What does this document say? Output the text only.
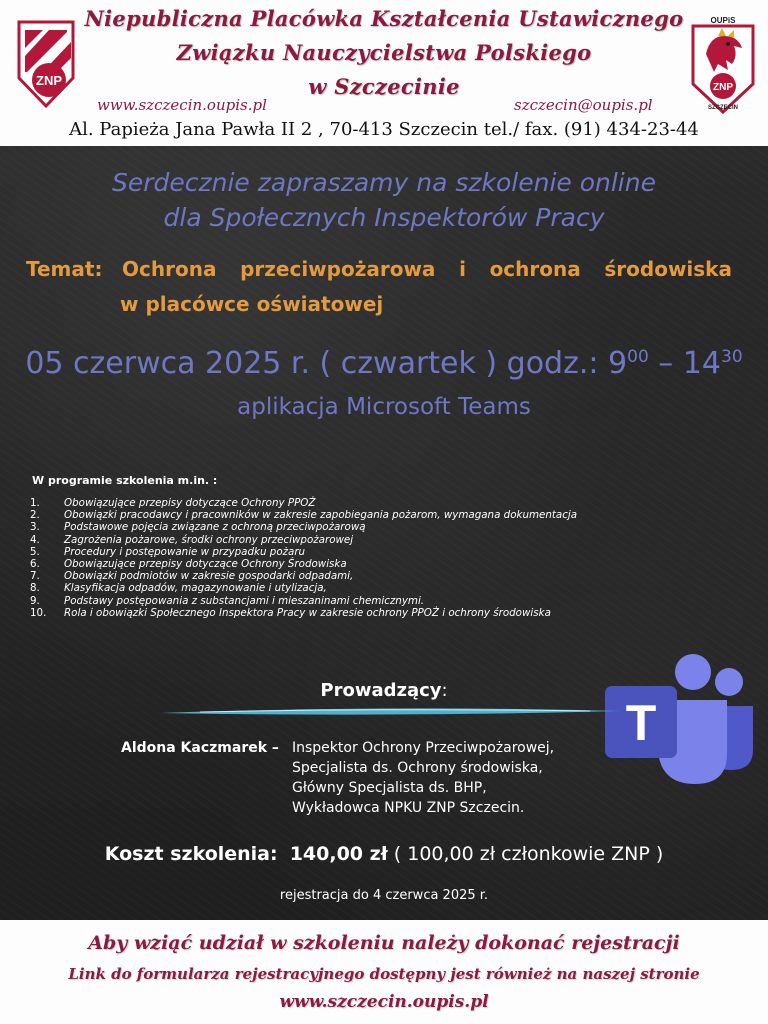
ZNP
Niepubliczna Placówka Kształcenia Ustawicznego
Związku Nauczycielstwa Polskiego
w Szczecinie
www.szczecin.oupis.pl	szczecin@oupis.pl
Al. Papieża Jana Pawła II 2 , 70-413 Szczecin tel./ fax. (91) 434-23-44
OUPiS
ZNP
SZCZECIN
Serdecznie zapraszamy na szkolenie online
dla Społecznych Inspektorów Pracy
Temat: Ochrona przeciwpożarowa i ochrona środowiska
w placówce oświatowej
05 czerwca 2025 r. ( czwartek ) godz.: $9^{00} - 14^{30}$
aplikacja Microsoft Teams
W programie szkolenia m.in. :
1.	Obowiązujące przepisy dotyczące Ochrony PPOŻ
2.	Obowiązki pracodawcy i pracowników w zakresie zapobiegania pożarom, wymagana dokumentacja
3.	Podstawowe pojęcia związane z ochroną przeciwpożarową
4.	Zagrożenia pożarowe, środki ochrony przeciwpożarowej
5.	Procedury i postępowanie w przypadku pożaru
6.	Obowiązujące przepisy dotyczące Ochrony Środowiska
7.	Obowiązki podmiotów w zakresie gospodarki odpadami,
8.	Klasyfikacja odpadów, magazynowanie i utylizacja,
9.	Podstawy postępowania z substancjami i mieszaninami chemicznymi.
10.	Rola i obowiązki Społecznego Inspektora Pracy w zakresie ochrony PPOŻ i ochrony środowiska
T
Prowadzący:
Aldona Kaczmarek – Inspektor Ochrony Przeciwpożarowej,
Specjalista ds. Ochrony środowiska,
Główny Specjalista ds. BHP,
Wykładowca NPKU ZNP Szczecin.
Koszt szkolenia: 140,00 zł ( 100,00 zł członkowie ZNP )
rejestracja do 4 czerwca 2025 r.
Aby wziąć udział w szkoleniu należy dokonać rejestracji
Link do formularza rejestracyjnego dostępny jest również na naszej stronie
www.szczecin.oupis.pl
